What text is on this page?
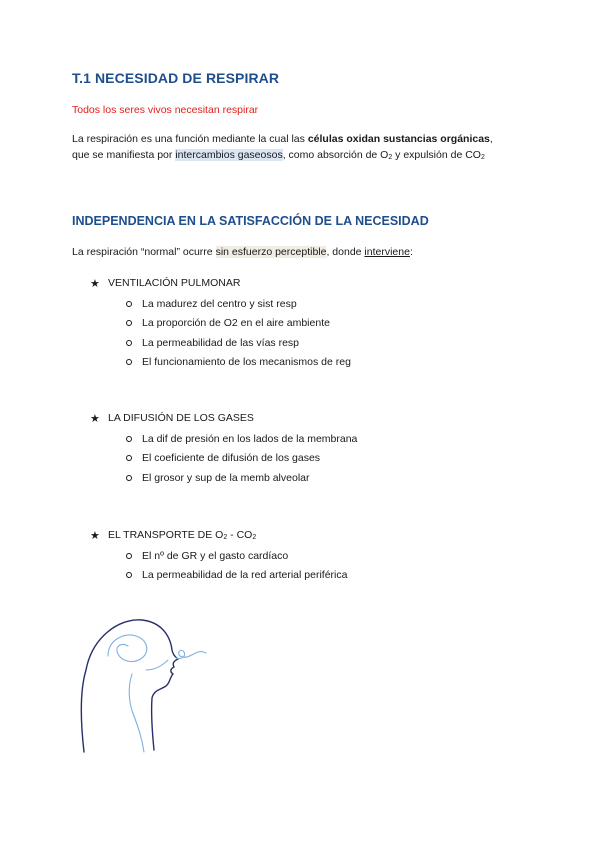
T.1 NECESIDAD DE RESPIRAR

Todos los seres vivos necesitan respirar

La respiración es una función mediante la cual las células oxidan sustancias orgánicas,
que se manifiesta por intercambios gaseosos, como absorción de O2 y expulsión de CO2

INDEPENDENCIA EN LA SATISFACCIÓN DE LA NECESIDAD

La respiración “normal” ocurre sin esfuerzo perceptible, donde interviene:

★ VENTILACIÓN PULMONAR
La madurez del centro y sist resp
La proporción de O2 en el aire ambiente
La permeabilidad de las vías resp
El funcionamiento de los mecanismos de reg
★ LA DIFUSIÓN DE LOS GASES
La dif de presión en los lados de la membrana
El coeficiente de difusión de los gases
El grosor y sup de la memb alveolar
★ EL TRANSPORTE DE O2 - CO2
El nº de GR y el gasto cardíaco
La permeabilidad de la red arterial periférica
